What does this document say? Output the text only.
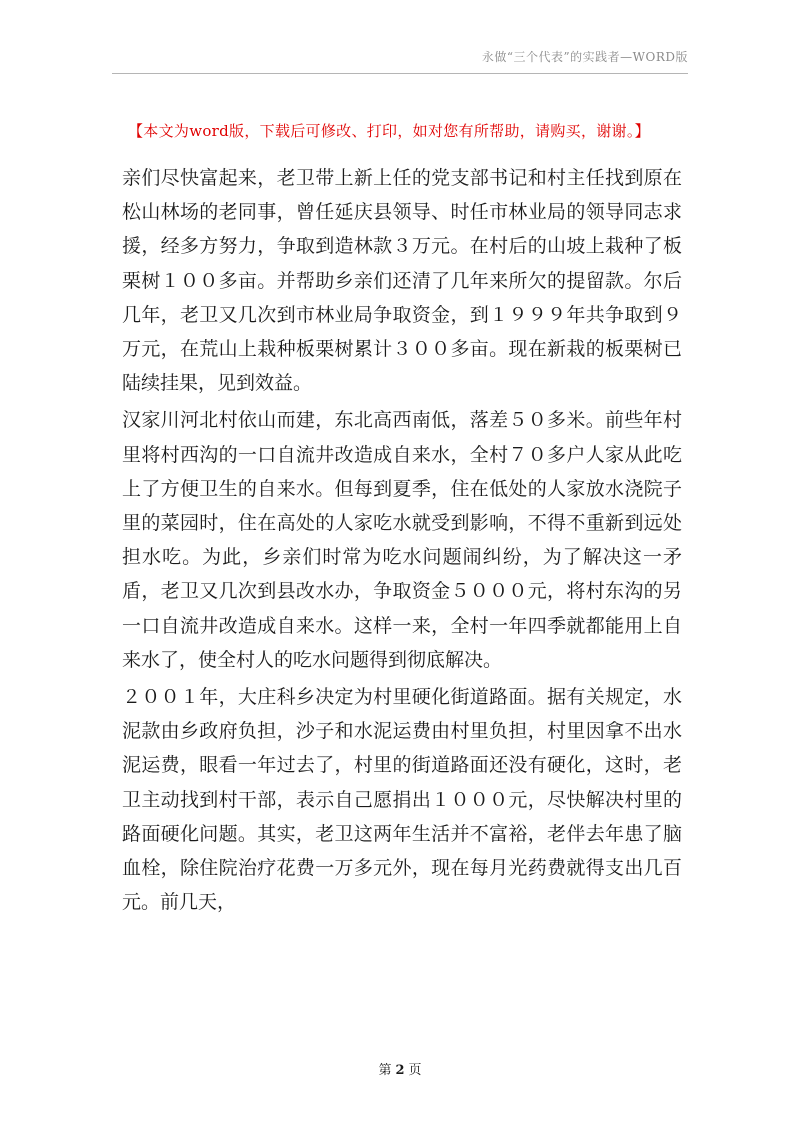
永做“三个代表”的实践者—WORD版
【本文为word版，下载后可修改、打印，如对您有所帮助，请购买，谢谢。】

亲们尽快富起来，老卫带上新上任的党支部书记和村主任找到原在松山林场的老同事，曾任延庆县领导、时任市林业局的领导同志求援，经多方努力，争取到造林款３万元。在村后的山坡上栽种了板栗树１００多亩。并帮助乡亲们还清了几年来所欠的提留款。尔后几年，老卫又几次到市林业局争取资金，到１９９９年共争取到９万元，在荒山上栽种板栗树累计３００多亩。现在新栽的板栗树已陆续挂果，见到效益。

汉家川河北村依山而建，东北高西南低，落差５０多米。前些年村里将村西沟的一口自流井改造成自来水，全村７０多户人家从此吃上了方便卫生的自来水。但每到夏季，住在低处的人家放水浇院子里的菜园时，住在高处的人家吃水就受到影响，不得不重新到远处担水吃。为此，乡亲们时常为吃水问题闹纠纷，为了解决这一矛盾，老卫又几次到县改水办，争取资金５０００元，将村东沟的另一口自流井改造成自来水。这样一来，全村一年四季就都能用上自来水了，使全村人的吃水问题得到彻底解决。

２００１年，大庄科乡决定为村里硬化街道路面。据有关规定，水泥款由乡政府负担，沙子和水泥运费由村里负担，村里因拿不出水泥运费，眼看一年过去了，村里的街道路面还没有硬化，这时，老卫主动找到村干部，表示自己愿捐出１０００元，尽快解决村里的路面硬化问题。其实，老卫这两年生活并不富裕，老伴去年患了脑血栓，除住院治疗花费一万多元外，现在每月光药费就得支出几百元。前几天，

第 2 页
